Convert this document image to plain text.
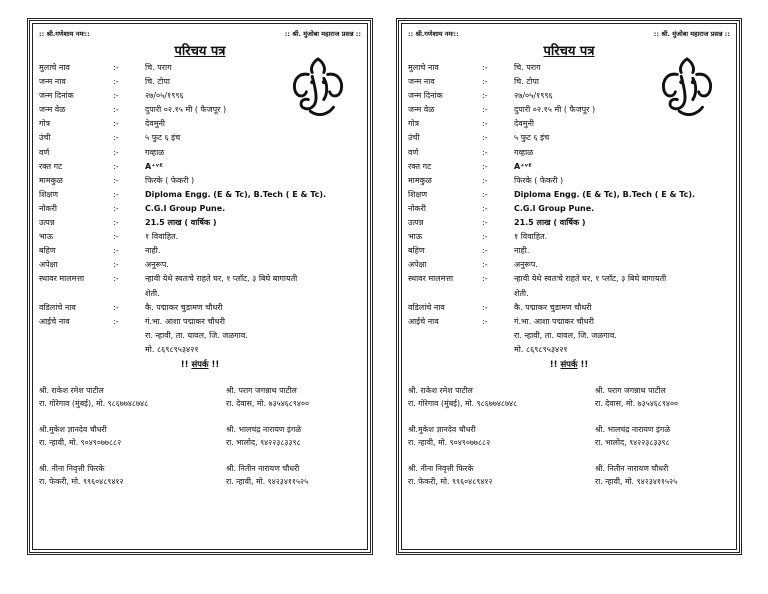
:: श्री.गणेशाय नमः::	:: श्री. मुंजोबा महाराज प्रसन्न ::
परिचय पत्र
मुलाचे नाव	:-	चि. पराग
जन्म नाव	:-	चि. टोपा
जन्म दिनांक	:-	२७/०५/१९९६
जन्म वेळ	:-	दुपारी ०२.१५ मी ( फैजपूर )
गोत्र	:-	देवमुनी
उंची	:-	५ फुट ६ इंच
वर्ण	:-	गव्हाळ
रक्त गट	:-	A⁺ᵛᴱ
मामकुळ	:-	फिरके ( फेकरी )
शिक्षण	:-	Diploma Engg. (E & Tc), B.Tech ( E & Tc).
नोकरी	:-	C.G.I Group Pune.
उत्पन्न	:-	21.5 लाख ( वार्षिक )
भाऊ	:-	१ विवाहित.
बहिण	:-	नाही.
अपेक्षा	:-	अनुरूप.
स्थावर मालमत्ता	:-	न्हावी येथे स्वतःचे राहते घर, १ प्लॉट, ३ बिघे बागायती
शेती.
वडिलांचे नाव	:-	कै. पद्माकर चुडामण चौधरी
आईचे नाव	:-	गं.भा. आशा पद्माकर चौधरी
रा. न्हावी, ता. यावल, जि. जळगाव.
मो. ८६९८९५३४२१
!! संपर्क !!
श्री. राकेश रमेश पाटील
रा. गोरेगाव (मुंबई), मो. ९८६७७४८७४८
श्री. पराग जगन्नाथ पाटील
रा. देवास, मो. ७३५४६८९४००
श्री.मुकेश ज्ञानदेव चौधरी
रा. न्हावी, मो. ९०४९०७७८८२
श्री. भालचंद्र नारायण इंगळे
रा. भालोद, ९४२२३८३३९८
श्री. नीना निवृत्ती फिरके
रा. फेकरी, मो. ९९६०४८९४१२
श्री. नितीन नारायण चौधरी
रा. न्हावी, मो. ९४२३४११५२५
:: श्री.गणेशाय नमः::	:: श्री. मुंजोबा महाराज प्रसन्न ::
परिचय पत्र
मुलाचे नाव	:-	चि. पराग
जन्म नाव	:-	चि. टोपा
जन्म दिनांक	:-	२७/०५/१९९६
जन्म वेळ	:-	दुपारी ०२.१५ मी ( फैजपूर )
गोत्र	:-	देवमुनी
उंची	:-	५ फुट ६ इंच
वर्ण	:-	गव्हाळ
रक्त गट	:-	A⁺ᵛᴱ
मामकुळ	:-	फिरके ( फेकरी )
शिक्षण	:-	Diploma Engg. (E & Tc), B.Tech ( E & Tc).
नोकरी	:-	C.G.I Group Pune.
उत्पन्न	:-	21.5 लाख ( वार्षिक )
भाऊ	:-	१ विवाहित.
बहिण	:-	नाही.
अपेक्षा	:-	अनुरूप.
स्थावर मालमत्ता	:-	न्हावी येथे स्वतःचे राहते घर, १ प्लॉट, ३ बिघे बागायती
शेती.
वडिलांचे नाव	:-	कै. पद्माकर चुडामण चौधरी
आईचे नाव	:-	गं.भा. आशा पद्माकर चौधरी
रा. न्हावी, ता. यावल, जि. जळगाव.
मो. ८६९८९५३४२१
!! संपर्क !!
श्री. राकेश रमेश पाटील
रा. गोरेगाव (मुंबई), मो. ९८६७७४८७४८
श्री. पराग जगन्नाथ पाटील
रा. देवास, मो. ७३५४६८९४००
श्री.मुकेश ज्ञानदेव चौधरी
रा. न्हावी, मो. ९०४९०७७८८२
श्री. भालचंद्र नारायण इंगळे
रा. भालोद, ९४२२३८३३९८
श्री. नीना निवृत्ती फिरके
रा. फेकरी, मो. ९९६०४८९४१२
श्री. नितीन नारायण चौधरी
रा. न्हावी, मो. ९४२३४११५२५
